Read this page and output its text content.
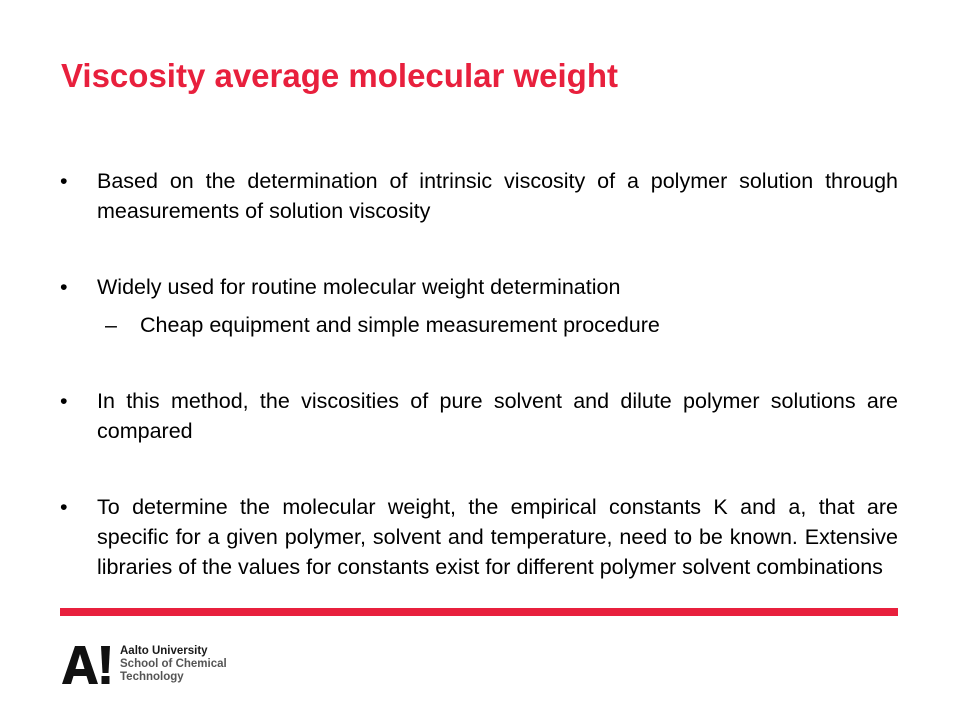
Viscosity average molecular weight
• Based on the determination of intrinsic viscosity of a polymer solution through measurements of solution viscosity
• Widely used for routine molecular weight determination
– Cheap equipment and simple measurement procedure
• In this method, the viscosities of pure solvent and dilute polymer solutions are compared
• To determine the molecular weight, the empirical constants K and a, that are specific for a given polymer, solvent and temperature, need to be known. Extensive libraries of the values for constants exist for different polymer solvent combinations
Aalto University
School of Chemical
Technology
